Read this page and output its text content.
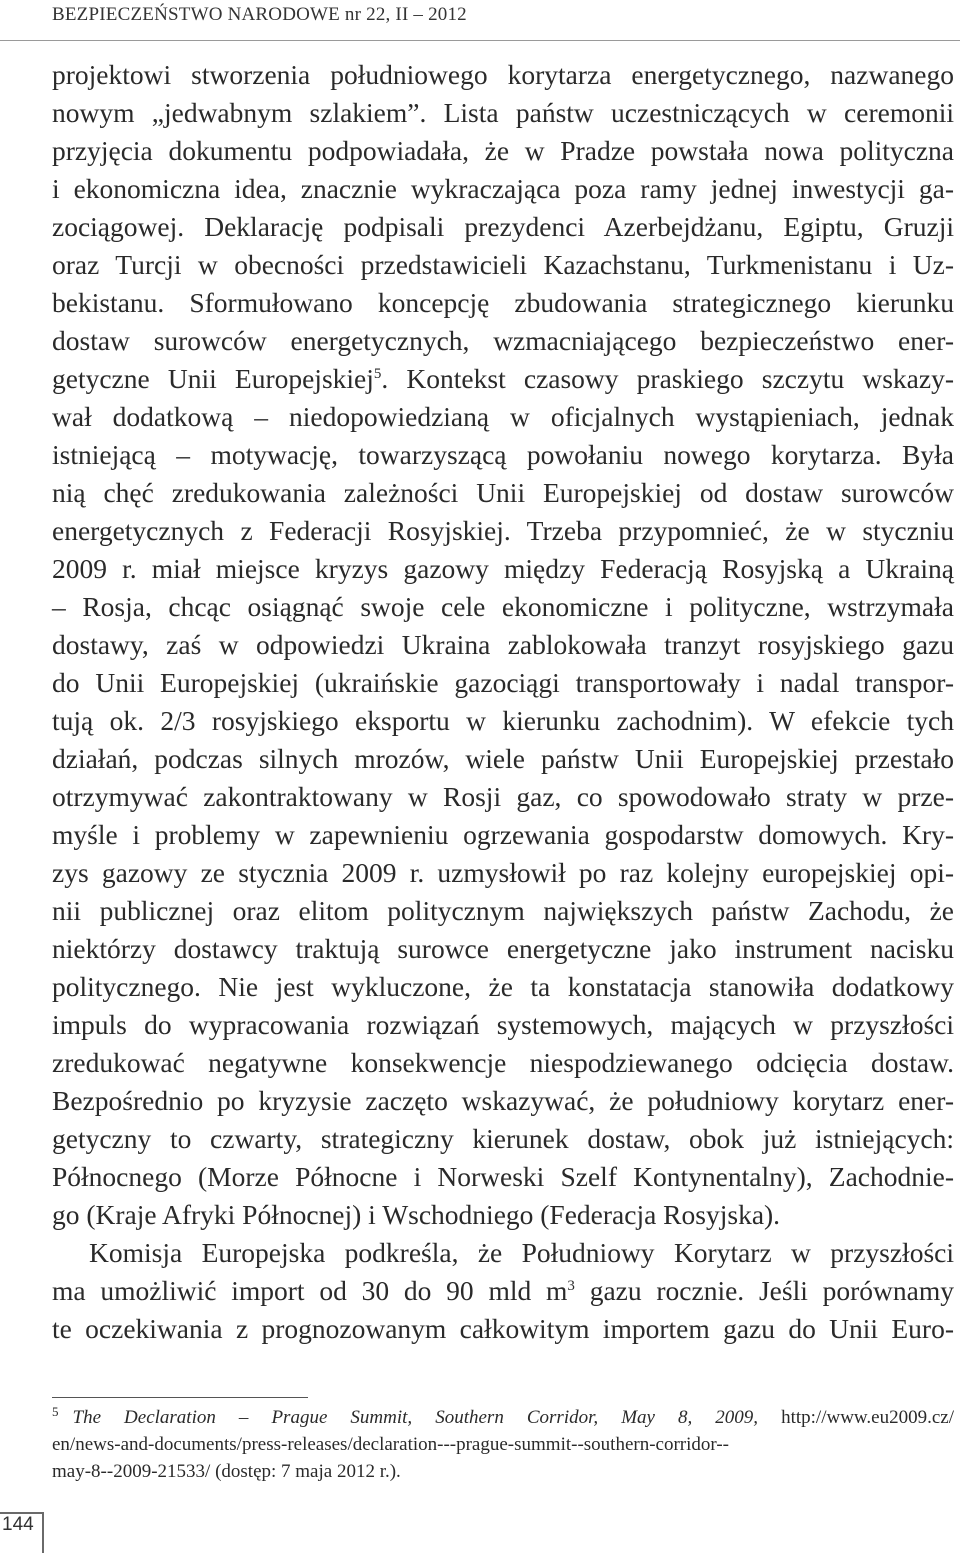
BEZPIECZEŃSTWO NARODOWE nr 22, II – 2012
projektowi stworzenia południowego korytarza energetycznego, nazwanego
nowym „jedwabnym szlakiem”. Lista państw uczestniczących w ceremonii
przyjęcia dokumentu podpowiadała, że w Pradze powstała nowa polityczna
i ekonomiczna idea, znacznie wykraczająca poza ramy jednej inwestycji ga-
zociągowej. Deklarację podpisali prezydenci Azerbejdżanu, Egiptu, Gruzji
oraz Turcji w obecności przedstawicieli Kazachstanu, Turkmenistanu i Uz-
bekistanu. Sformułowano koncepcję zbudowania strategicznego kierunku
dostaw surowców energetycznych, wzmacniającego bezpieczeństwo ener-
getyczne Unii Europejskiej$^5$. Kontekst czasowy praskiego szczytu wskazy-
wał dodatkową – niedopowiedzianą w oficjalnych wystąpieniach, jednak
istniejącą – motywację, towarzyszącą powołaniu nowego korytarza. Była
nią chęć zredukowania zależności Unii Europejskiej od dostaw surowców
energetycznych z Federacji Rosyjskiej. Trzeba przypomnieć, że w styczniu
2009 r. miał miejsce kryzys gazowy między Federacją Rosyjską a Ukrainą
– Rosja, chcąc osiągnąć swoje cele ekonomiczne i polityczne, wstrzymała
dostawy, zaś w odpowiedzi Ukraina zablokowała tranzyt rosyjskiego gazu
do Unii Europejskiej (ukraińskie gazociągi transportowały i nadal transpor-
tują ok. 2/3 rosyjskiego eksportu w kierunku zachodnim). W efekcie tych
działań, podczas silnych mrozów, wiele państw Unii Europejskiej przestało
otrzymywać zakontraktowany w Rosji gaz, co spowodowało straty w prze-
myśle i problemy w zapewnieniu ogrzewania gospodarstw domowych. Kry-
zys gazowy ze stycznia 2009 r. uzmysłowił po raz kolejny europejskiej opi-
nii publicznej oraz elitom politycznym największych państw Zachodu, że
niektórzy dostawcy traktują surowce energetyczne jako instrument nacisku
politycznego. Nie jest wykluczone, że ta konstatacja stanowiła dodatkowy
impuls do wypracowania rozwiązań systemowych, mających w przyszłości
zredukować negatywne konsekwencje niespodziewanego odcięcia dostaw.
Bezpośrednio po kryzysie zaczęto wskazywać, że południowy korytarz ener-
getyczny to czwarty, strategiczny kierunek dostaw, obok już istniejących:
Północnego (Morze Północne i Norweski Szelf Kontynentalny), Zachodnie-
go (Kraje Afryki Północnej) i Wschodniego (Federacja Rosyjska).
Komisja Europejska podkreśla, że Południowy Korytarz w przyszłości
ma umożliwić import od 30 do 90 mld $m^3$ gazu rocznie. Jeśli porównamy
te oczekiwania z prognozowanym całkowitym importem gazu do Unii Euro-
$^5$ The Declaration – Prague Summit, Southern Corridor, May 8, 2009, http://www.eu2009.cz/
en/news-and-documents/press-releases/declaration---prague-summit--southern-corridor--
may-8--2009-21533/ (dostęp: 7 maja 2012 r.).
144
